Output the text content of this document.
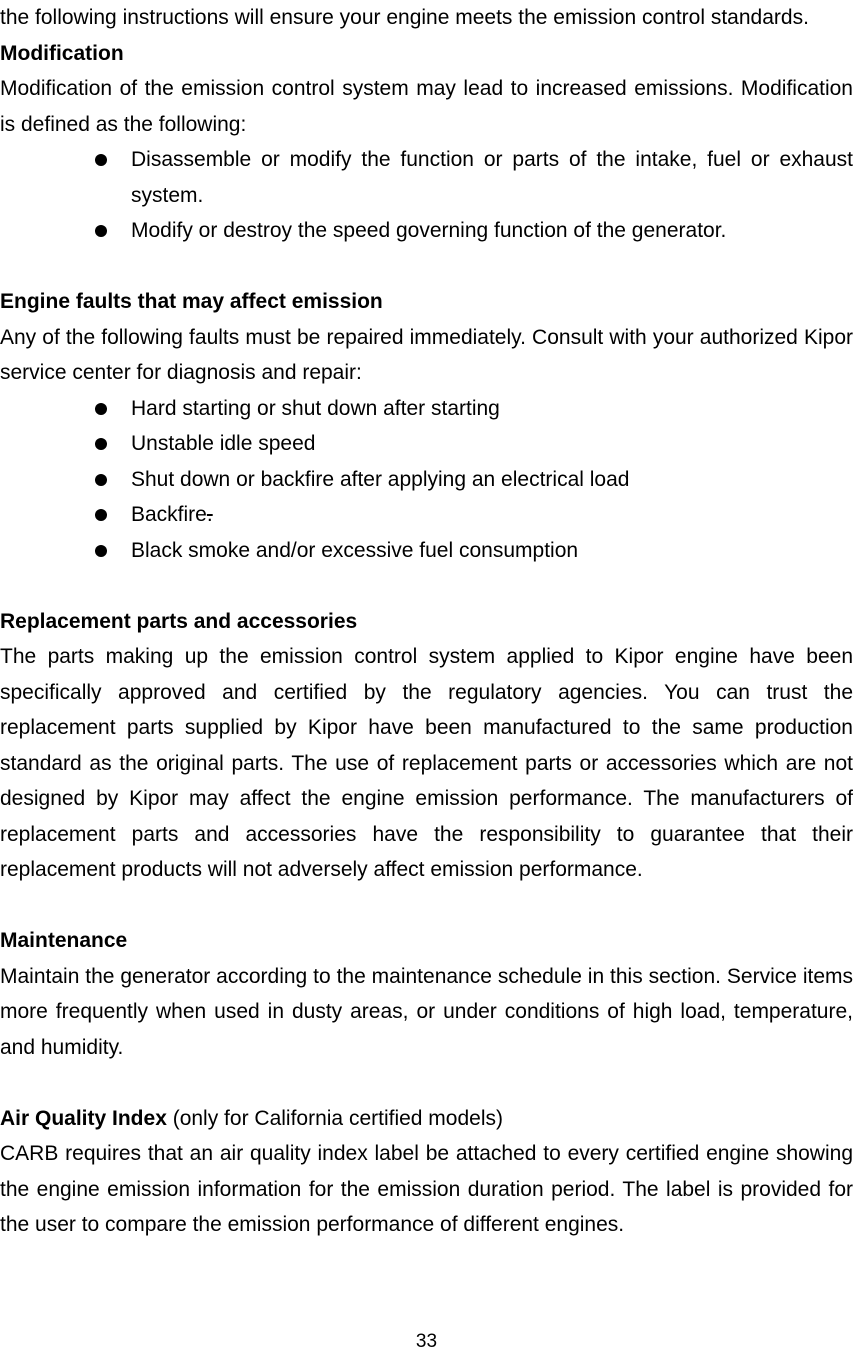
the following instructions will ensure your engine meets the emission control standards.

Modification

Modification of the emission control system may lead to increased emissions. Modification is defined as the following:

Disassemble or modify the function or parts of the intake, fuel or exhaust system.
Modify or destroy the speed governing function of the generator.

Engine faults that may affect emission

Any of the following faults must be repaired immediately. Consult with your authorized Kipor service center for diagnosis and repair:

Hard starting or shut down after starting
Unstable idle speed
Shut down or backfire after applying an electrical load
Backfire.
Black smoke and/or excessive fuel consumption

Replacement parts and accessories

The parts making up the emission control system applied to Kipor engine have been specifically approved and certified by the regulatory agencies. You can trust the replacement parts supplied by Kipor have been manufactured to the same production standard as the original parts. The use of replacement parts or accessories which are not designed by Kipor may affect the engine emission performance. The manufacturers of replacement parts and accessories have the responsibility to guarantee that their replacement products will not adversely affect emission performance.

Maintenance

Maintain the generator according to the maintenance schedule in this section. Service items more frequently when used in dusty areas, or under conditions of high load, temperature, and humidity.

Air Quality Index (only for California certified models)

CARB requires that an air quality index label be attached to every certified engine showing the engine emission information for the emission duration period. The label is provided for the user to compare the emission performance of different engines.

33
